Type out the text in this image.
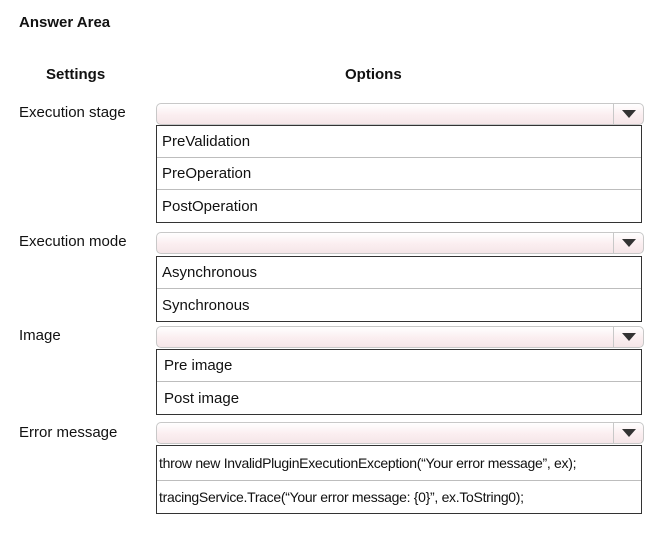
Answer Area
Settings	Options
Execution stage
PreValidation
PreOperation
PostOperation
Execution mode
Asynchronous
Synchronous
Image
Pre image
Post image
Error message
throw new InvalidPluginExecutionException(“Your error message”, ex);
tracingService.Trace(“Your error message: {0}”, ex.ToString0);
